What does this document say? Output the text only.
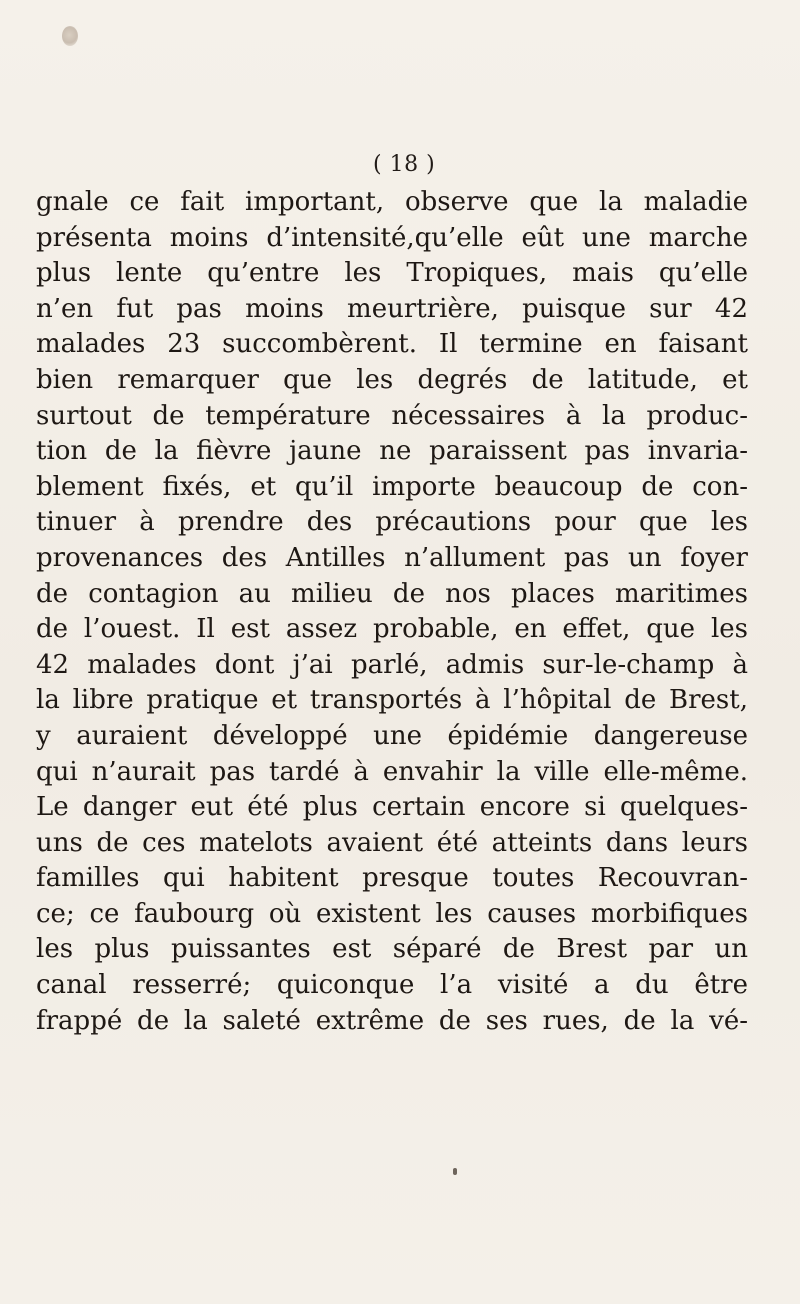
( 18 )
gnale ce fait important, observe que la maladie
présenta moins d’intensité,qu’elle eût une marche
plus lente qu’entre les Tropiques, mais qu’elle
n’en fut pas moins meurtrière, puisque sur 42
malades 23 succombèrent. Il termine en faisant
bien remarquer que les degrés de latitude, et
surtout de température nécessaires à la produc-
tion de la fièvre jaune ne paraissent pas invaria-
blement fixés, et qu’il importe beaucoup de con-
tinuer à prendre des précautions pour que les
provenances des Antilles n’allument pas un foyer
de contagion au milieu de nos places maritimes
de l’ouest. Il est assez probable, en effet, que les
42 malades dont j’ai parlé, admis sur-le-champ à
la libre pratique et transportés à l’hôpital de Brest,
y auraient développé une épidémie dangereuse
qui n’aurait pas tardé à envahir la ville elle-même.
Le danger eut été plus certain encore si quelques-
uns de ces matelots avaient été atteints dans leurs
familles qui habitent presque toutes Recouvran-
ce; ce faubourg où existent les causes morbifiques
les plus puissantes est séparé de Brest par un
canal resserré; quiconque l’a visité a du être
frappé de la saleté extrême de ses rues, de la vé-
